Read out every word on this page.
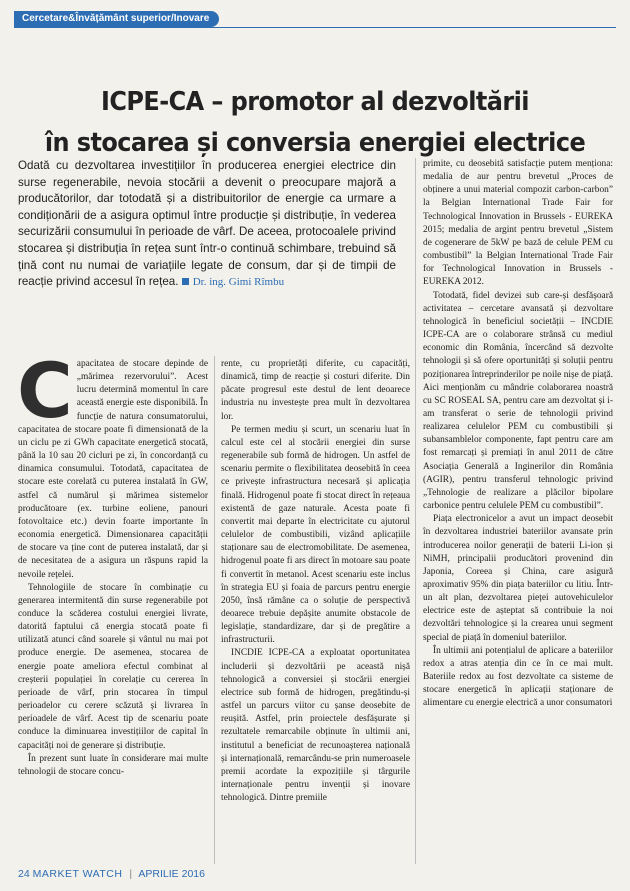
Cercetare&Învățământ superior/Inovare
ICPE-CA – promotor al dezvoltării
în stocarea și conversia energiei electrice

Odată cu dezvoltarea investițiilor în producerea energiei electrice din surse regenerabile, nevoia stocării a devenit o preocupare majoră a producătorilor, dar totodată și a distribuitorilor de energie ca urmare a condiționării de a asigura optimul între producție și distribuție, în vederea securizării consumului în perioade de vârf. De aceea, protocoalele privind stocarea și distribuția în rețea sunt într-o continuă schimbare, trebuind să țină cont nu numai de variațiile legate de consum, dar și de timpii de reacție privind accesul în rețea. Dr. ing. Gimi Rîmbu

C apacitatea de stocare depinde de „mărimea rezervorului”. Acest lucru determină momentul în care această energie este disponibilă. În funcție de natura consumatorului, capacitatea de stocare poate fi dimensionată de la un ciclu pe zi GWh capacitate energetică stocată, până la 10 sau 20 cicluri pe zi, în concordanță cu dinamica consumului. Totodată, capacitatea de stocare este corelată cu puterea instalată în GW, astfel că numărul și mărimea sistemelor producătoare (ex. turbine eoliene, panouri fotovoltaice etc.) devin foarte importante în economia energetică. Dimensionarea capacității de stocare va ține cont de puterea instalată, dar și de necesitatea de a asigura un răspuns rapid la nevoile rețelei.

Tehnologiile de stocare în combinație cu generarea intermitentă din surse regenerabile pot conduce la scăderea costului energiei livrate, datorită faptului că energia stocată poate fi utilizată atunci când soarele și vântul nu mai pot produce energie. De asemenea, stocarea de energie poate ameliora efectul combinat al creșterii populației în corelație cu cererea în perioade de vârf, prin stocarea în timpul perioadelor cu cerere scăzută și livrarea în perioadele de vârf. Acest tip de scenariu poate conduce la diminuarea investițiilor de capital în capacități noi de generare și distribuție.

În prezent sunt luate în considerare mai multe tehnologii de stocare concu-

rente, cu proprietăți diferite, cu capacități, dinamică, timp de reacție și costuri diferite. Din păcate progresul este destul de lent deoarece industria nu investește prea mult în dezvoltarea lor.

Pe termen mediu și scurt, un scenariu luat în calcul este cel al stocării energiei din surse regenerabile sub formă de hidrogen. Un astfel de scenariu permite o flexibilitatea deosebită în ceea ce privește infrastructura necesară și aplicația finală. Hidrogenul poate fi stocat direct în rețeaua existentă de gaze naturale. Acesta poate fi convertit mai departe în electricitate cu ajutorul celulelor de combustibili, vizând aplicațiile staționare sau de electromobilitate. De asemenea, hidrogenul poate fi ars direct în motoare sau poate fi convertit în metanol. Acest scenariu este inclus în strategia EU și foaia de parcurs pentru energie 2050, însă rămâne ca o soluție de perspectivă deoarece trebuie depășite anumite obstacole de legislație, standardizare, dar și de pregătire a infrastructurii.

INCDIE ICPE-CA a exploatat oportunitatea includerii și dezvoltării pe această nișă tehnologică a conversiei și stocării energiei electrice sub formă de hidrogen, pregătindu-și astfel un parcurs viitor cu șanse deosebite de reușită. Astfel, prin proiectele desfășurate și rezultatele remarcabile obținute în ultimii ani, institutul a beneficiat de recunoașterea națională și internațională, remarcându-se prin numeroasele premii acordate la expozițiile și târgurile internaționale pentru invenții și inovare tehnologică. Dintre premiile

primite, cu deosebită satisfacție putem menționa: medalia de aur pentru brevetul „Proces de obținere a unui material compozit carbon-carbon” la Belgian International Trade Fair for Technological Innovation in Brussels - EUREKA 2015; medalia de argint pentru brevetul „Sistem de cogenerare de 5kW pe bază de celule PEM cu combustibil” la Belgian International Trade Fair for Technological Innovation in Brussels - EUREKA 2012.

Totodată, fidel devizei sub care-și desfășoară activitatea – cercetare avansată și dezvoltare tehnologică în beneficiul societății – INCDIE ICPE-CA are o colaborare strânsă cu mediul economic din România, încercând să dezvolte tehnologii și să ofere oportunități și soluții pentru poziționarea întreprinderilor pe noile nișe de piață. Aici menționăm cu mândrie colaborarea noastră cu SC ROSEAL SA, pentru care am dezvoltat și i-am transferat o serie de tehnologii privind realizarea celulelor PEM cu combustibili și subansamblelor componente, fapt pentru care am fost remarcați și premiați în anul 2011 de către Asociația Generală a Inginerilor din România (AGIR), pentru transferul tehnologic privind „Tehnologie de realizare a plăcilor bipolare carbonice pentru celulele PEM cu combustibil”.

Piața electronicelor a avut un impact deosebit în dezvoltarea industriei bateriilor avansate prin introducerea noilor generații de baterii Li-ion și NiMH, principalii producători provenind din Japonia, Coreea și China, care asigură aproximativ 95% din piața bateriilor cu litiu. Într-un alt plan, dezvoltarea pieței autovehiculelor electrice este de așteptat să contribuie la noi dezvoltări tehnologice și la crearea unui segment special de piață în domeniul bateriilor.

În ultimii ani potențialul de aplicare a bateriilor redox a atras atenția din ce în ce mai mult. Bateriile redox au fost dezvoltate ca sisteme de stocare energetică în aplicații staționare de alimentare cu energie electrică a unor consumatori

24 MARKET WATCH | APRILIE 2016
